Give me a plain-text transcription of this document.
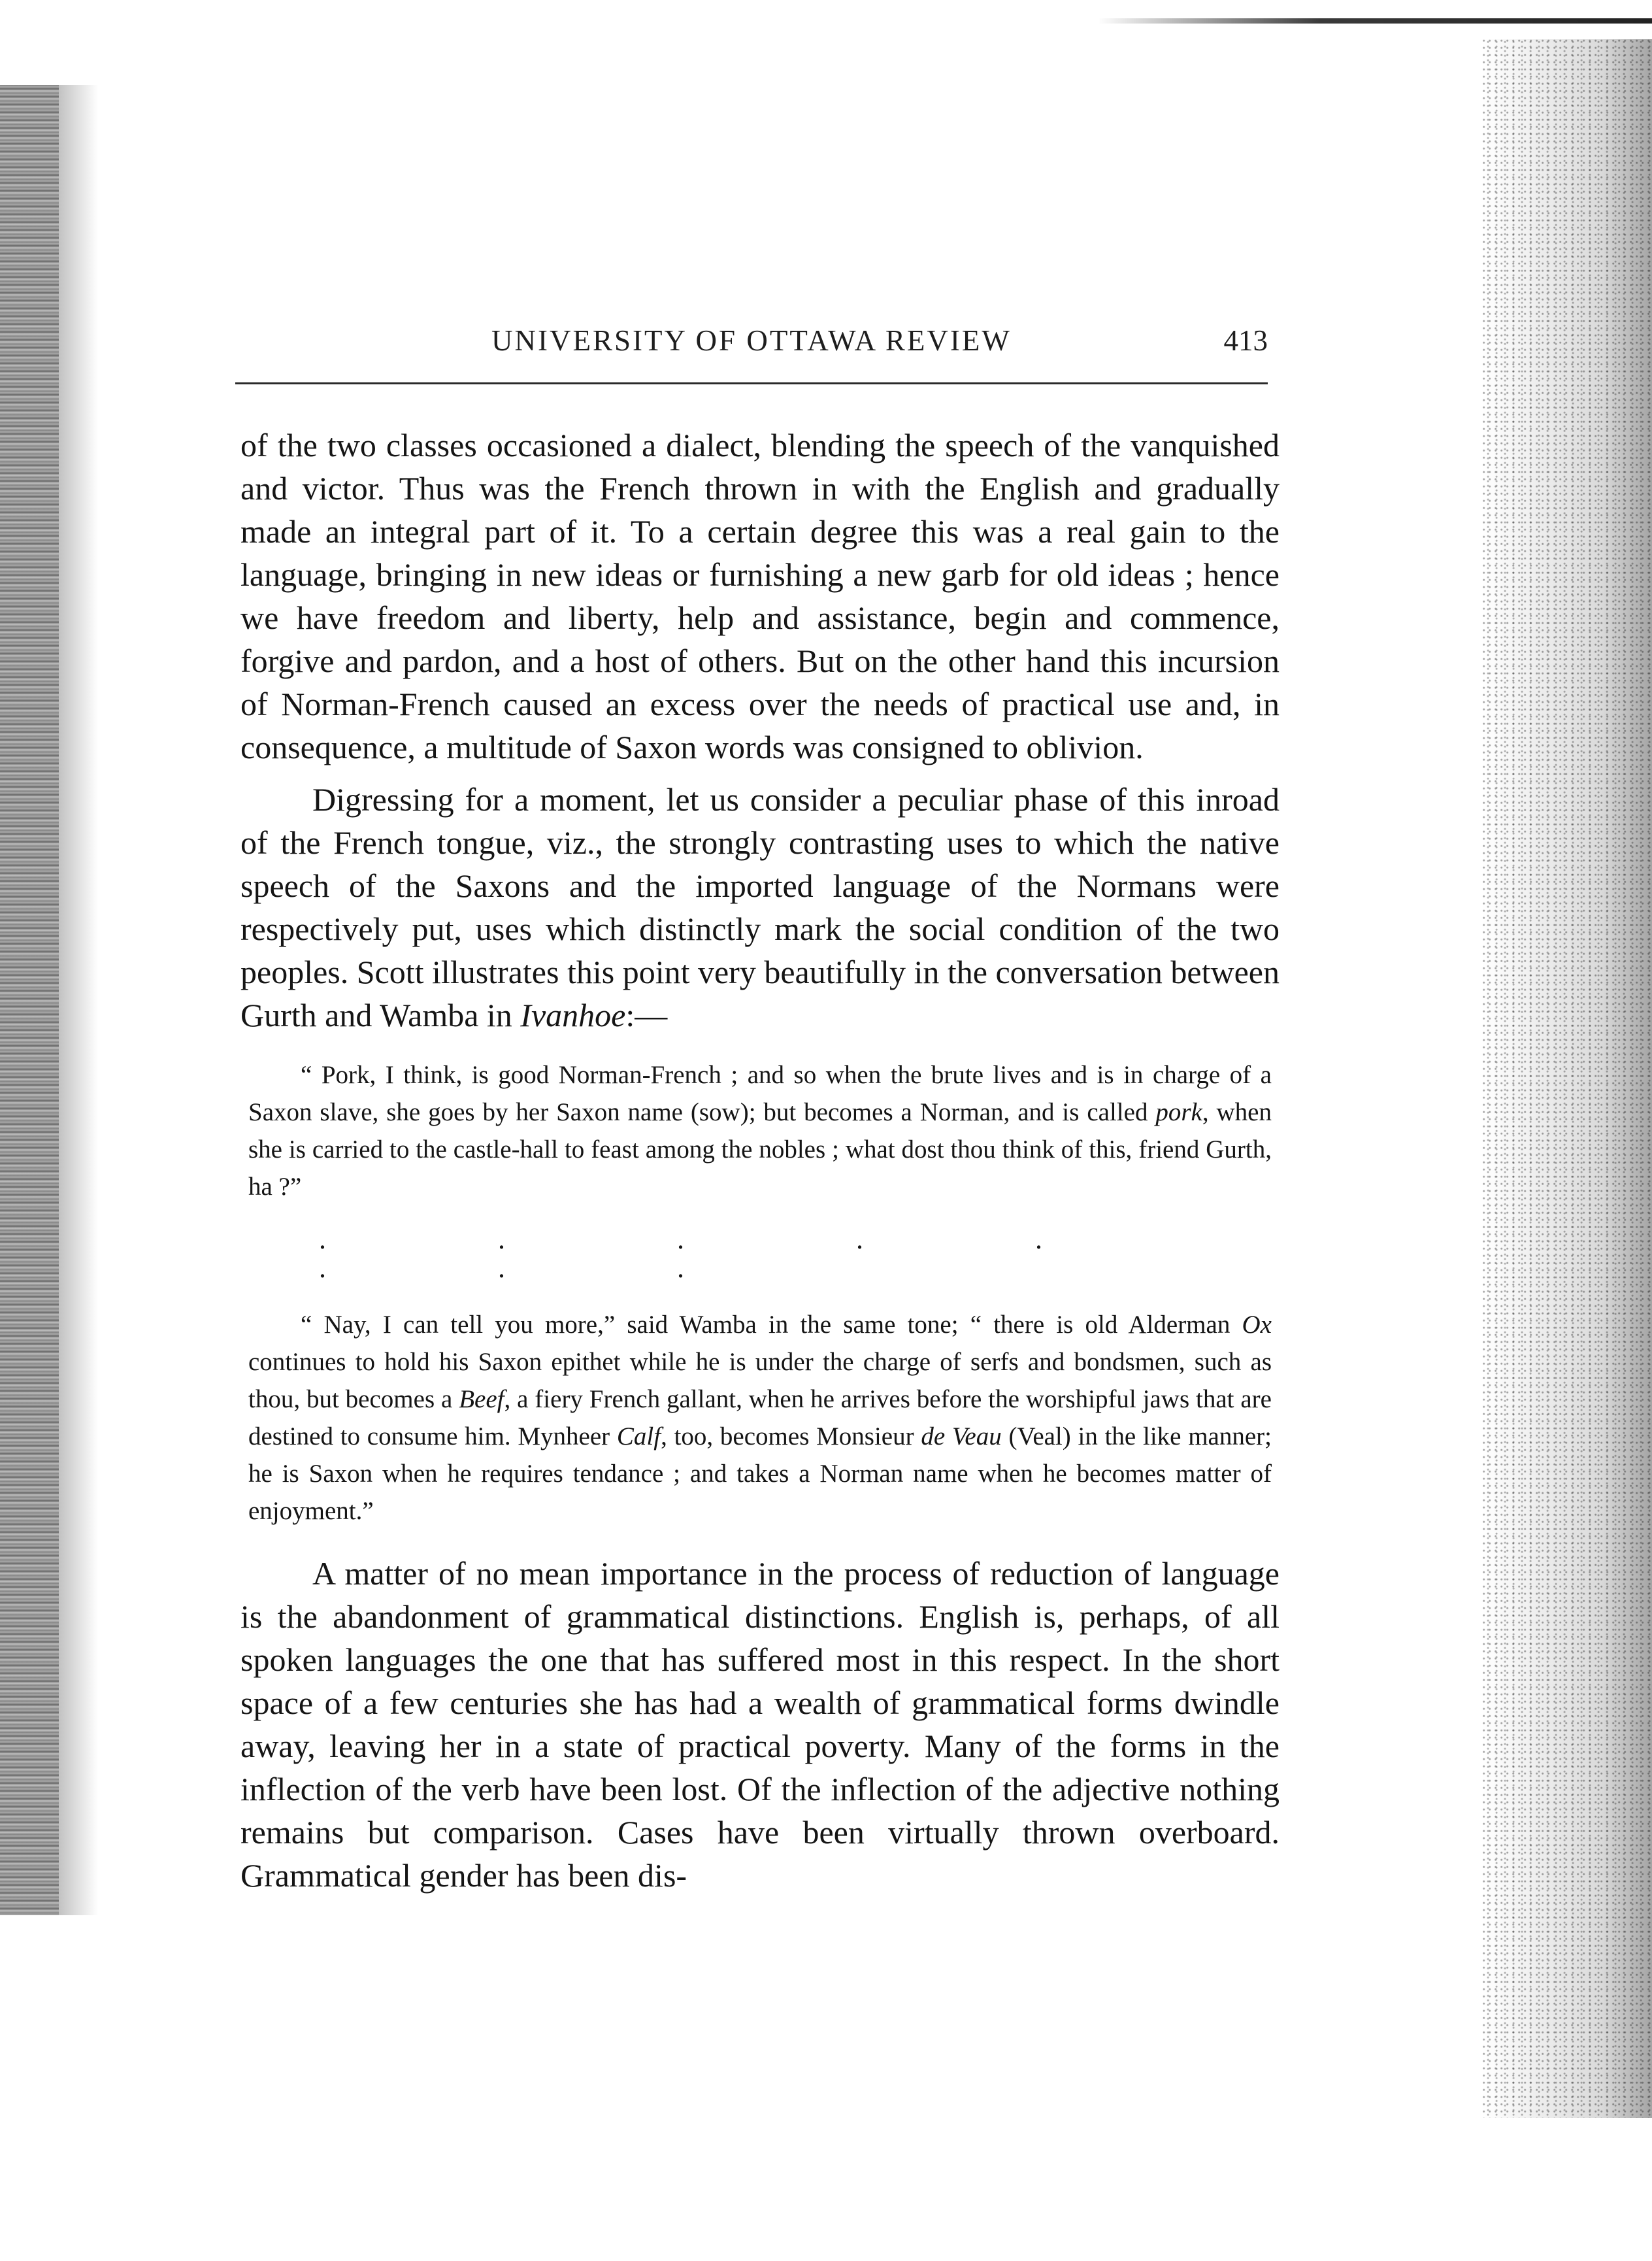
UNIVERSITY OF OTTAWA REVIEW	413

of the two classes occasioned a dialect, blending the speech of the vanquished and victor. Thus was the French thrown in with the English and gradually made an integral part of it. To a certain degree this was a real gain to the language, bringing in new ideas or furnishing a new garb for old ideas ; hence we have freedom and liberty, help and assistance, begin and commence, forgive and pardon, and a host of others. But on the other hand this incursion of Norman-French caused an excess over the needs of practical use and, in consequence, a multitude of Saxon words was consigned to oblivion.

Digressing for a moment, let us consider a peculiar phase of this inroad of the French tongue, viz., the strongly contrasting uses to which the native speech of the Saxons and the imported language of the Normans were respectively put, uses which distinctly mark the social condition of the two peoples. Scott illustrates this point very beautifully in the conversation between Gurth and Wamba in Ivanhoe:—

“ Pork, I think, is good Norman-French ; and so when the brute lives and is in charge of a Saxon slave, she goes by her Saxon name (sow); but becomes a Norman, and is called pork, when she is carried to the castle-hall to feast among the nobles ; what dost thou think of this, friend Gurth, ha ?”

. . . . . . . .

“ Nay, I can tell you more,” said Wamba in the same tone; “ there is old Alderman Ox continues to hold his Saxon epithet while he is under the charge of serfs and bondsmen, such as thou, but becomes a Beef, a fiery French gallant, when he arrives before the worshipful jaws that are destined to consume him. Mynheer Calf, too, becomes Monsieur de Veau (Veal) in the like manner; he is Saxon when he requires tendance ; and takes a Norman name when he becomes matter of enjoyment.”

A matter of no mean importance in the process of reduction of language is the abandonment of grammatical distinctions. English is, perhaps, of all spoken languages the one that has suffered most in this respect. In the short space of a few centuries she has had a wealth of grammatical forms dwindle away, leaving her in a state of practical poverty. Many of the forms in the inflection of the verb have been lost. Of the inflection of the adjective nothing remains but comparison. Cases have been virtually thrown overboard. Grammatical gender has been dis-
